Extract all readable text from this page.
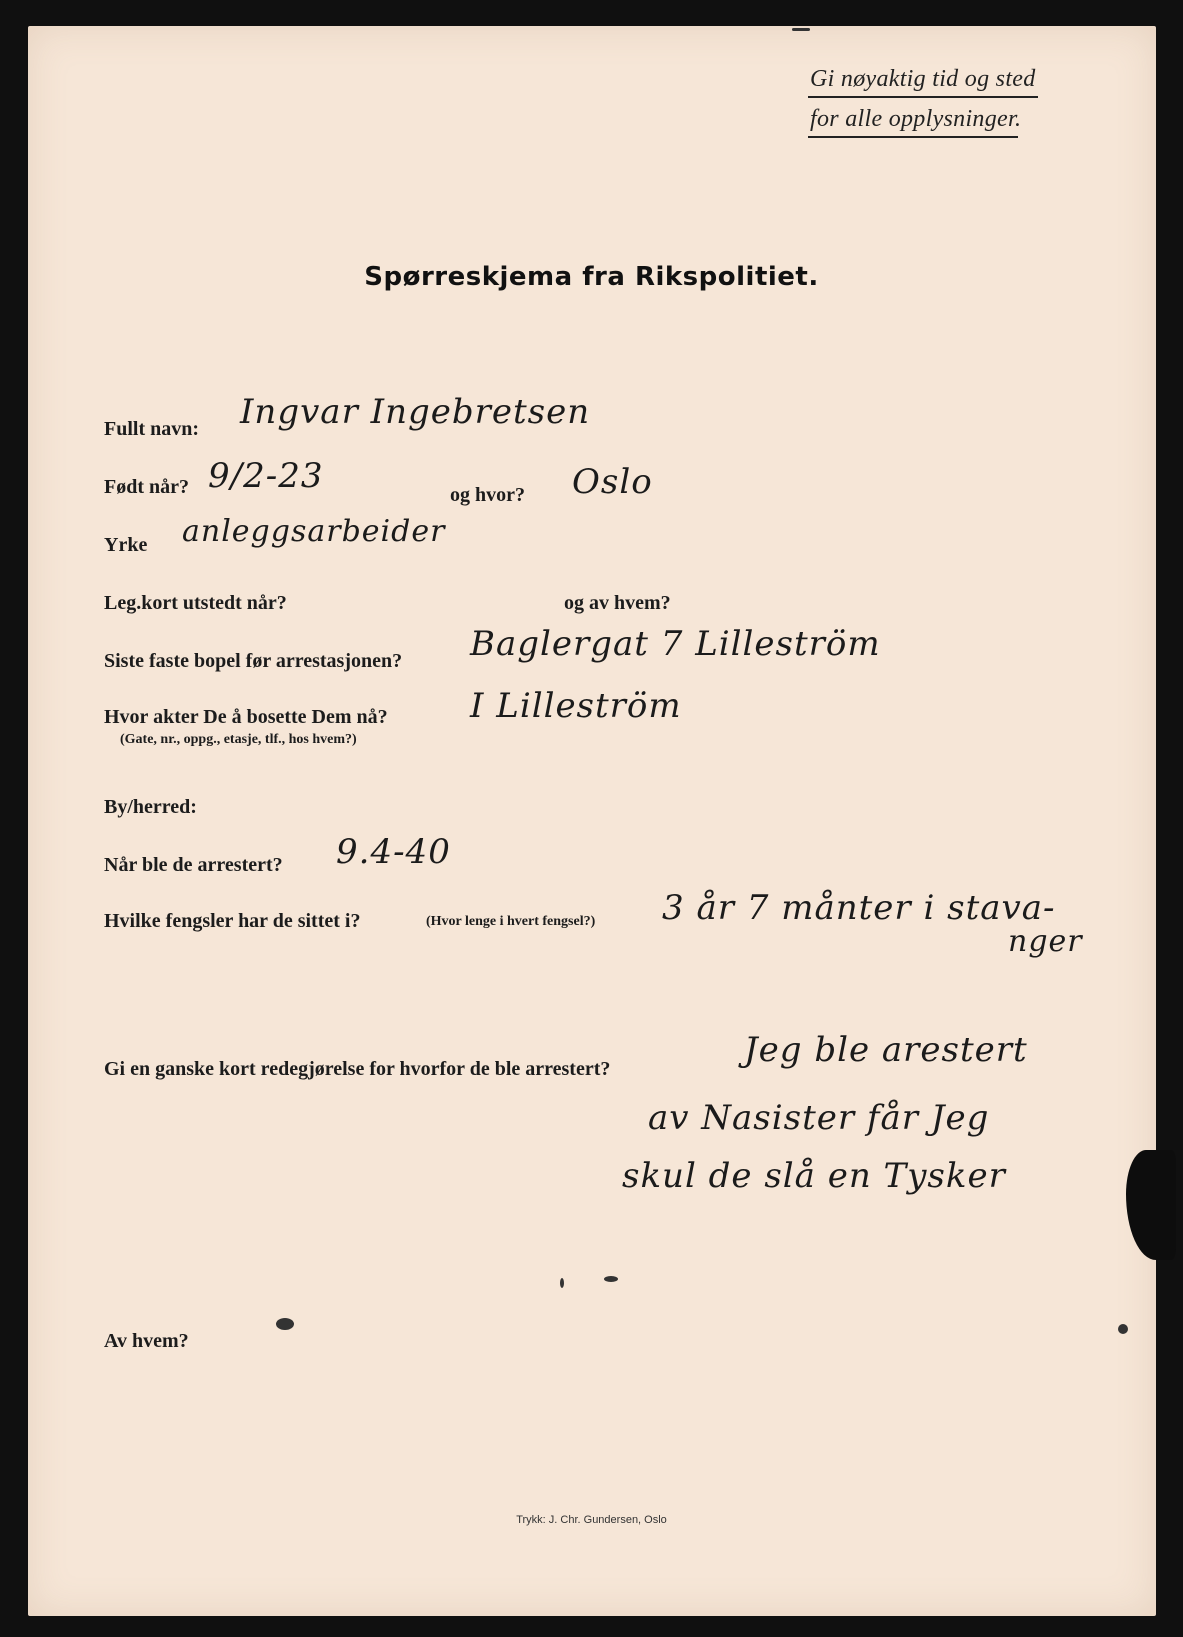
Gi nøyaktig tid og sted
for alle opplysninger.
Spørreskjema fra Rikspolitiet.
Fullt navn: Ingvar Ingebretsen
Født når? 9/2-23	og hvor? Oslo
Yrke anleggsarbeider
Leg.kort utstedt når?	og av hvem?
Siste faste bopel før arrestasjonen? Baglergat 7 Lilleström
Hvor akter De å bosette Dem nå?
(Gate, nr., oppg., etasje, tlf., hos hvem?)
I Lilleström
By/herred:
Når ble de arrestert? 9.4-40
Hvilke fengsler har de sittet i?	(Hvor lenge i hvert fengsel?) 3 år 7 månter i stava-
nger
Gi en ganske kort redegjørelse for hvorfor de ble arrestert?	Jeg ble arestert
av Nasister får Jeg
skul de slå en Tysker
Av hvem?
Trykk: J. Chr. Gundersen, Oslo
